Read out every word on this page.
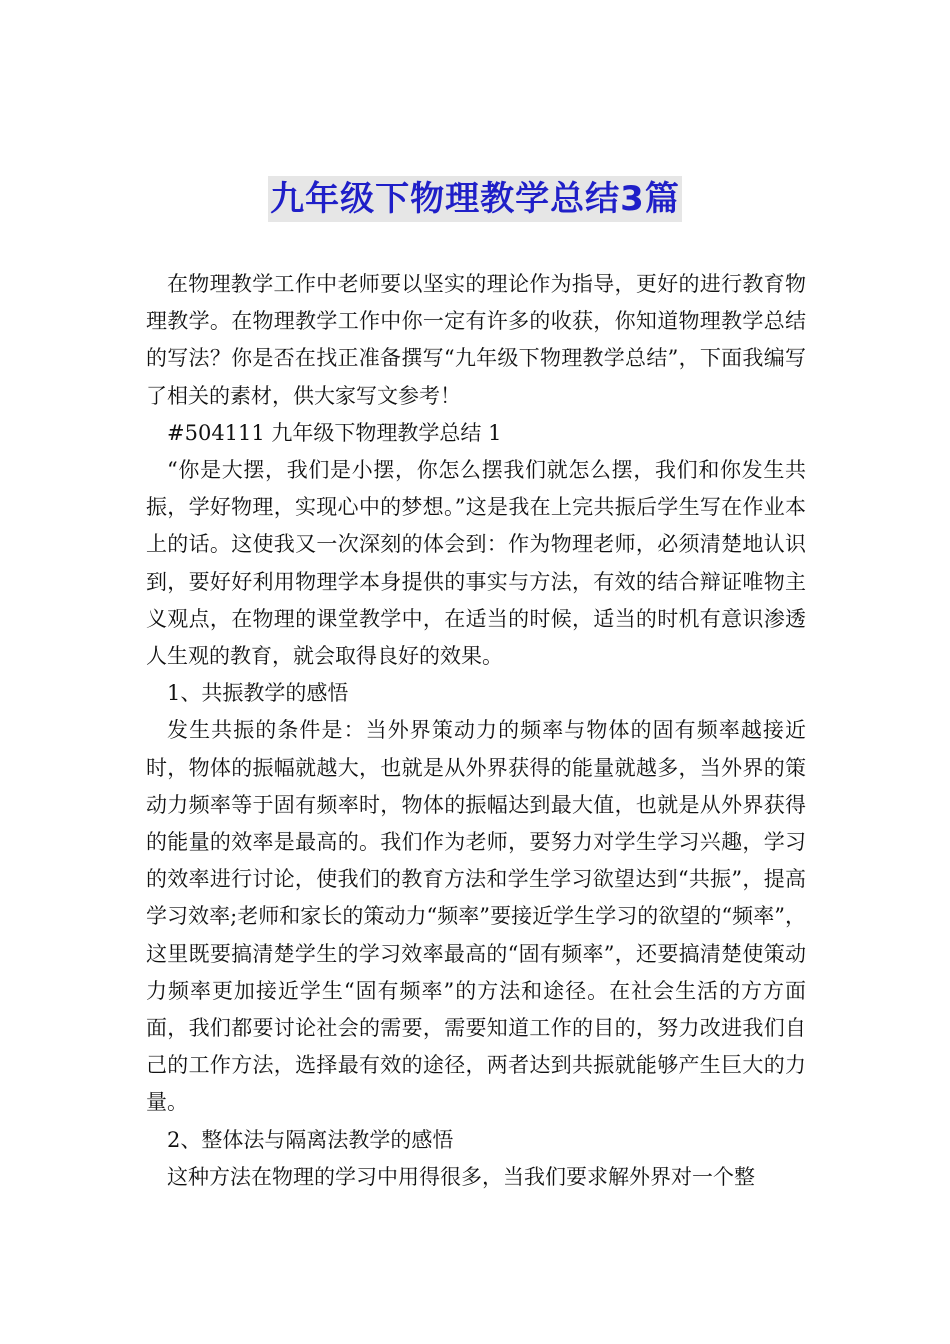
九年级下物理教学总结3篇

在物理教学工作中老师要以坚实的理论作为指导，更好的进行教育物理教学。在物理教学工作中你一定有许多的收获，你知道物理教学总结的写法？你是否在找正准备撰写“九年级下物理教学总结”，下面我编写了相关的素材，供大家写文参考！

#504111 九年级下物理教学总结 1

“你是大摆，我们是小摆，你怎么摆我们就怎么摆，我们和你发生共振，学好物理，实现心中的梦想。”这是我在上完共振后学生写在作业本上的话。这使我又一次深刻的体会到：作为物理老师，必须清楚地认识到，要好好利用物理学本身提供的事实与方法，有效的结合辩证唯物主义观点，在物理的课堂教学中，在适当的时候，适当的时机有意识渗透人生观的教育，就会取得良好的效果。

1、共振教学的感悟

发生共振的条件是：当外界策动力的频率与物体的固有频率越接近时，物体的振幅就越大，也就是从外界获得的能量就越多，当外界的策动力频率等于固有频率时，物体的振幅达到最大值，也就是从外界获得的能量的效率是最高的。我们作为老师，要努力对学生学习兴趣，学习的效率进行讨论，使我们的教育方法和学生学习欲望达到“共振”，提高学习效率;老师和家长的策动力“频率”要接近学生学习的欲望的“频率”，这里既要搞清楚学生的学习效率最高的“固有频率”，还要搞清楚使策动力频率更加接近学生“固有频率”的方法和途径。在社会生活的方方面面，我们都要讨论社会的需要，需要知道工作的目的，努力改进我们自己的工作方法，选择最有效的途径，两者达到共振就能够产生巨大的力量。

2、整体法与隔离法教学的感悟

这种方法在物理的学习中用得很多，当我们要求解外界对一个整
